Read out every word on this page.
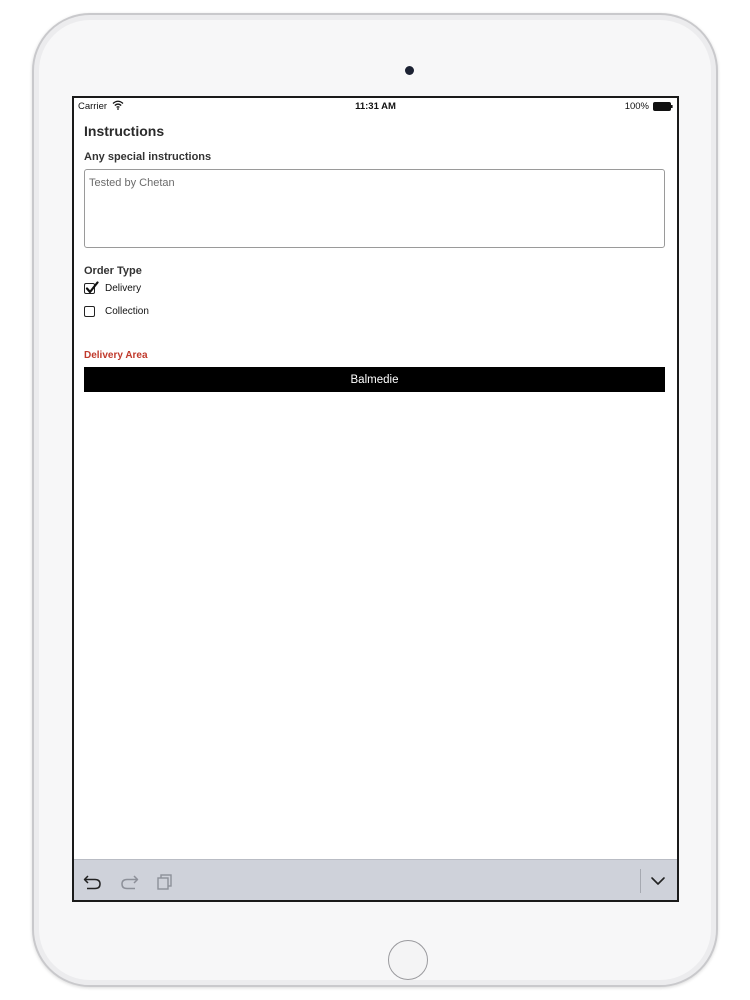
Carrier	11:31 AM	100%
Instructions
Any special instructions
Tested by Chetan
Order Type
Delivery
Collection
Delivery Area
Balmedie
